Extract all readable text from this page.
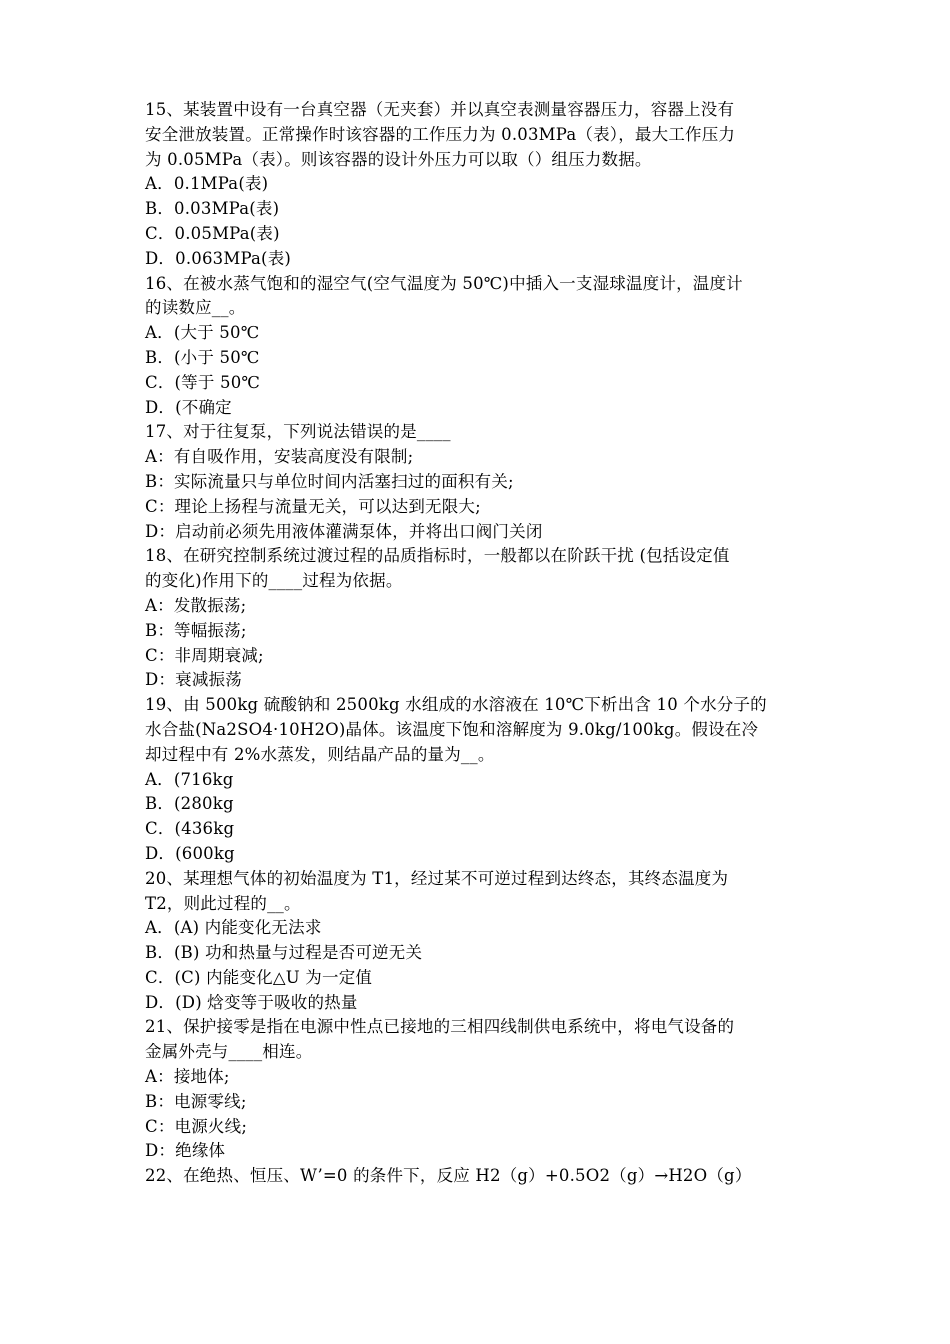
15、某装置中设有一台真空器（无夹套）并以真空表测量容器压力，容器上没有
安全泄放装置。正常操作时该容器的工作压力为 0.03MPa（表），最大工作压力
为 0.05MPa（表）。则该容器的设计外压力可以取（）组压力数据。
A．0.1MPa(表)
B．0.03MPa(表)
C．0.05MPa(表)
D．0.063MPa(表)
16、在被水蒸气饱和的湿空气(空气温度为 50℃)中插入一支湿球温度计，温度计
的读数应__。
A．(大于 50℃
B．(小于 50℃
C．(等于 50℃
D．(不确定
17、对于往复泵，下列说法错误的是____
A：有自吸作用，安装高度没有限制;
B：实际流量只与单位时间内活塞扫过的面积有关;
C：理论上扬程与流量无关，可以达到无限大;
D：启动前必须先用液体灌满泵体，并将出口阀门关闭
18、在研究控制系统过渡过程的品质指标时，一般都以在阶跃干扰 (包括设定值
的变化)作用下的____过程为依据。
A：发散振荡;
B：等幅振荡;
C：非周期衰减;
D：衰减振荡
19、由 500kg 硫酸钠和 2500kg 水组成的水溶液在 10℃下析出含 10 个水分子的
水合盐(Na2SO4·10H2O)晶体。该温度下饱和溶解度为 9.0kg/100kg。假设在冷
却过程中有 2%水蒸发，则结晶产品的量为__。
A．(716kg
B．(280kg
C．(436kg
D．(600kg
20、某理想气体的初始温度为 T1，经过某不可逆过程到达终态，其终态温度为
T2，则此过程的__。
A．(A) 内能变化无法求
B．(B) 功和热量与过程是否可逆无关
C．(C) 内能变化△U 为一定值
D．(D) 焓变等于吸收的热量
21、保护接零是指在电源中性点已接地的三相四线制供电系统中，将电气设备的
金属外壳与____相连。
A：接地体;
B：电源零线;
C：电源火线;
D：绝缘体
22、在绝热、恒压、W’=0 的条件下，反应 H2（g）+0.5O2（g）→H2O（g）
